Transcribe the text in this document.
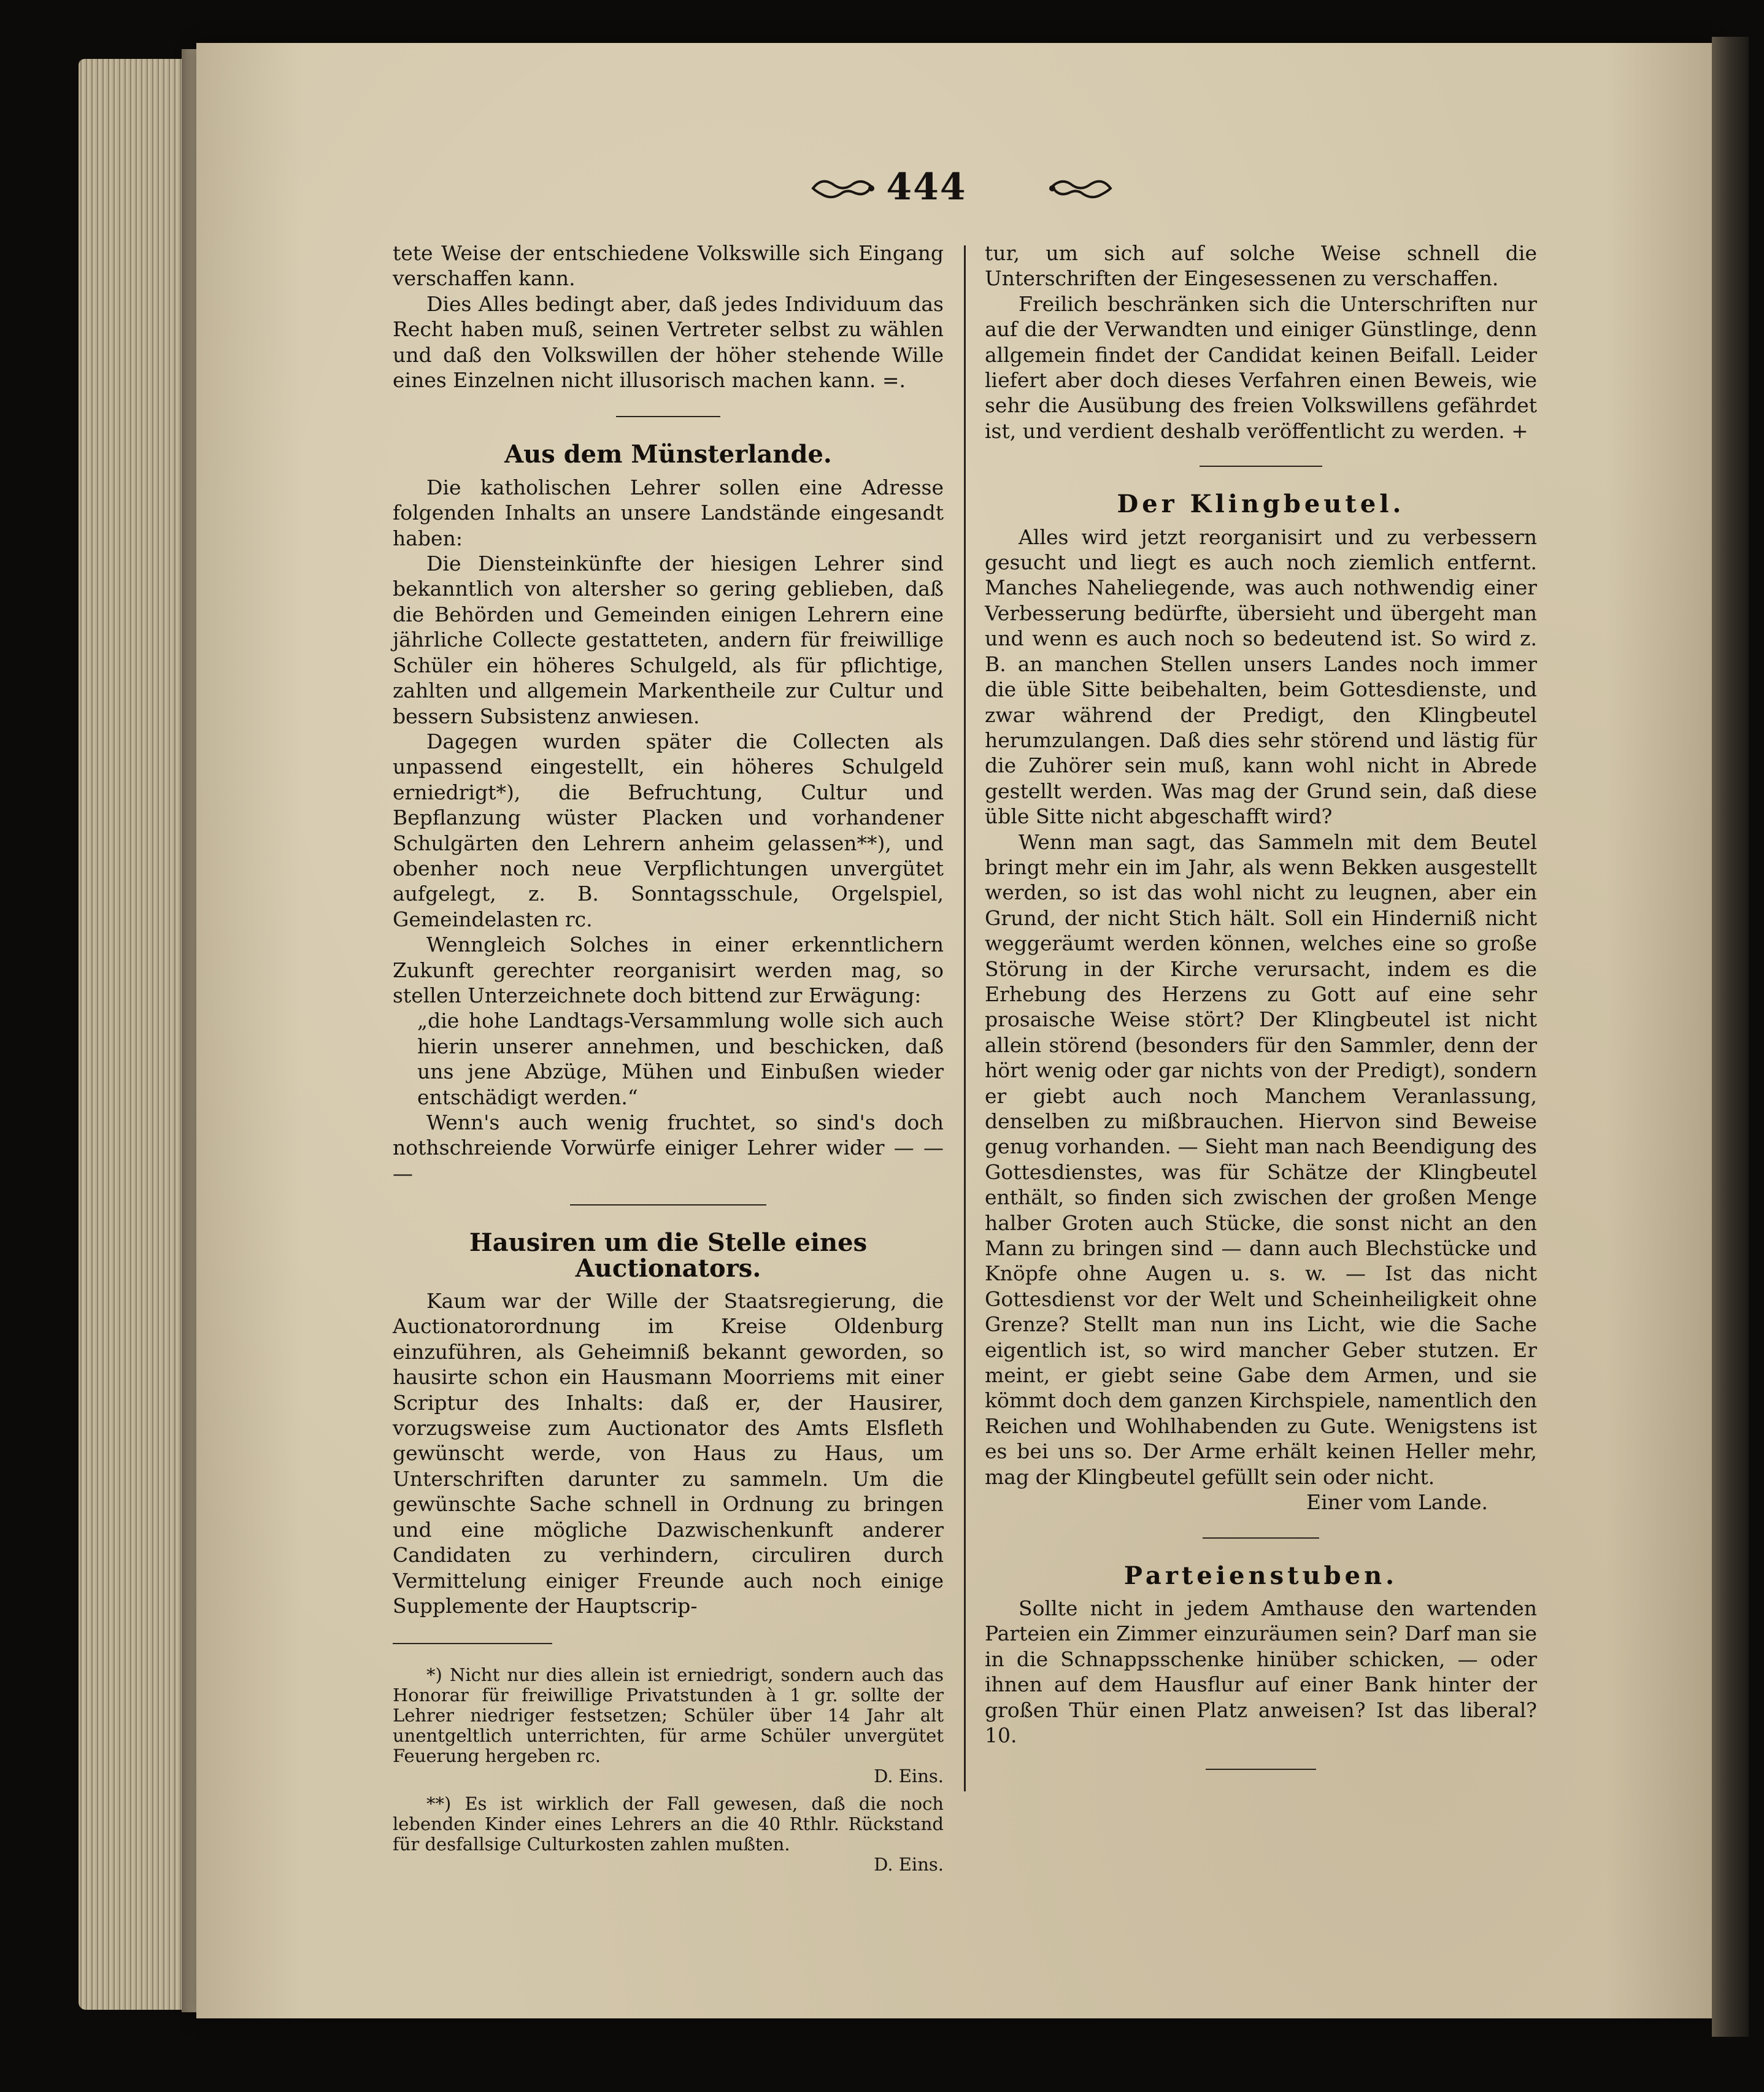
444

tete Weise der entschiedene Volkswille sich Eingang verschaffen kann.

Dies Alles bedingt aber, daß jedes Individuum das Recht haben muß, seinen Vertreter selbst zu wählen und daß den Volkswillen der höher stehende Wille eines Einzelnen nicht illusorisch machen kann. =.

Aus dem Münsterlande.

Die katholischen Lehrer sollen eine Adresse folgenden Inhalts an unsere Landstände eingesandt haben:

Die Diensteinkünfte der hiesigen Lehrer sind bekanntlich von altersher so gering geblieben, daß die Behörden und Gemeinden einigen Lehrern eine jährliche Collecte gestatteten, andern für freiwillige Schüler ein höheres Schulgeld, als für pflichtige, zahlten und allgemein Markentheile zur Cultur und bessern Subsistenz anwiesen.

Dagegen wurden später die Collecten als unpassend eingestellt, ein höheres Schulgeld erniedrigt*), die Befruchtung, Cultur und Bepflanzung wüster Placken und vorhandener Schulgärten den Lehrern anheim gelassen**), und obenher noch neue Verpflichtungen unvergütet aufgelegt, z. B. Sonntagsschule, Orgelspiel, Gemeindelasten rc.

Wenngleich Solches in einer erkenntlichern Zukunft gerechter reorganisirt werden mag, so stellen Unterzeichnete doch bittend zur Erwägung:

„die hohe Landtags-Versammlung wolle sich auch hierin unserer annehmen, und beschicken, daß uns jene Abzüge, Mühen und Einbußen wieder entschädigt werden.“

Wenn's auch wenig fruchtet, so sind's doch nothschreiende Vorwürfe einiger Lehrer wider — — —

Hausiren um die Stelle eines Auctionators.

Kaum war der Wille der Staatsregierung, die Auctionatorordnung im Kreise Oldenburg einzuführen, als Geheimniß bekannt geworden, so hausirte schon ein Hausmann Moorriems mit einer Scriptur des Inhalts: daß er, der Hausirer, vorzugsweise zum Auctionator des Amts Elsfleth gewünscht werde, von Haus zu Haus, um Unterschriften darunter zu sammeln. Um die gewünschte Sache schnell in Ordnung zu bringen und eine mögliche Dazwischenkunft anderer Candidaten zu verhindern, circuliren durch Vermittelung einiger Freunde auch noch einige Supplemente der Hauptscrip-

*) Nicht nur dies allein ist erniedrigt, sondern auch das Honorar für freiwillige Privatstunden à 1 gr. sollte der Lehrer niedriger festsetzen; Schüler über 14 Jahr alt unentgeltlich unterrichten, für arme Schüler unvergütet Feuerung hergeben rc.

D. Eins.

**) Es ist wirklich der Fall gewesen, daß die noch lebenden Kinder eines Lehrers an die 40 Rthlr. Rückstand für desfallsige Culturkosten zahlen mußten.

D. Eins.

tur, um sich auf solche Weise schnell die Unterschriften der Eingesessenen zu verschaffen.

Freilich beschränken sich die Unterschriften nur auf die der Verwandten und einiger Günstlinge, denn allgemein findet der Candidat keinen Beifall. Leider liefert aber doch dieses Verfahren einen Beweis, wie sehr die Ausübung des freien Volkswillens gefährdet ist, und verdient deshalb veröffentlicht zu werden. +

Der Klingbeutel.

Alles wird jetzt reorganisirt und zu verbessern gesucht und liegt es auch noch ziemlich entfernt. Manches Naheliegende, was auch nothwendig einer Verbesserung bedürfte, übersieht und übergeht man und wenn es auch noch so bedeutend ist. So wird z. B. an manchen Stellen unsers Landes noch immer die üble Sitte beibehalten, beim Gottesdienste, und zwar während der Predigt, den Klingbeutel herumzulangen. Daß dies sehr störend und lästig für die Zuhörer sein muß, kann wohl nicht in Abrede gestellt werden. Was mag der Grund sein, daß diese üble Sitte nicht abgeschafft wird?

Wenn man sagt, das Sammeln mit dem Beutel bringt mehr ein im Jahr, als wenn Bekken ausgestellt werden, so ist das wohl nicht zu leugnen, aber ein Grund, der nicht Stich hält. Soll ein Hinderniß nicht weggeräumt werden können, welches eine so große Störung in der Kirche verursacht, indem es die Erhebung des Herzens zu Gott auf eine sehr prosaische Weise stört? Der Klingbeutel ist nicht allein störend (besonders für den Sammler, denn der hört wenig oder gar nichts von der Predigt), sondern er giebt auch noch Manchem Veranlassung, denselben zu mißbrauchen. Hiervon sind Beweise genug vorhanden. — Sieht man nach Beendigung des Gottesdienstes, was für Schätze der Klingbeutel enthält, so finden sich zwischen der großen Menge halber Groten auch Stücke, die sonst nicht an den Mann zu bringen sind — dann auch Blechstücke und Knöpfe ohne Augen u. s. w. — Ist das nicht Gottesdienst vor der Welt und Scheinheiligkeit ohne Grenze? Stellt man nun ins Licht, wie die Sache eigentlich ist, so wird mancher Geber stutzen. Er meint, er giebt seine Gabe dem Armen, und sie kömmt doch dem ganzen Kirchspiele, namentlich den Reichen und Wohlhabenden zu Gute. Wenigstens ist es bei uns so. Der Arme erhält keinen Heller mehr, mag der Klingbeutel gefüllt sein oder nicht.

Einer vom Lande.

Parteienstuben.

Sollte nicht in jedem Amthause den wartenden Parteien ein Zimmer einzuräumen sein? Darf man sie in die Schnappsschenke hinüber schicken, — oder ihnen auf dem Hausflur auf einer Bank hinter der großen Thür einen Platz anweisen? Ist das liberal? 10.
